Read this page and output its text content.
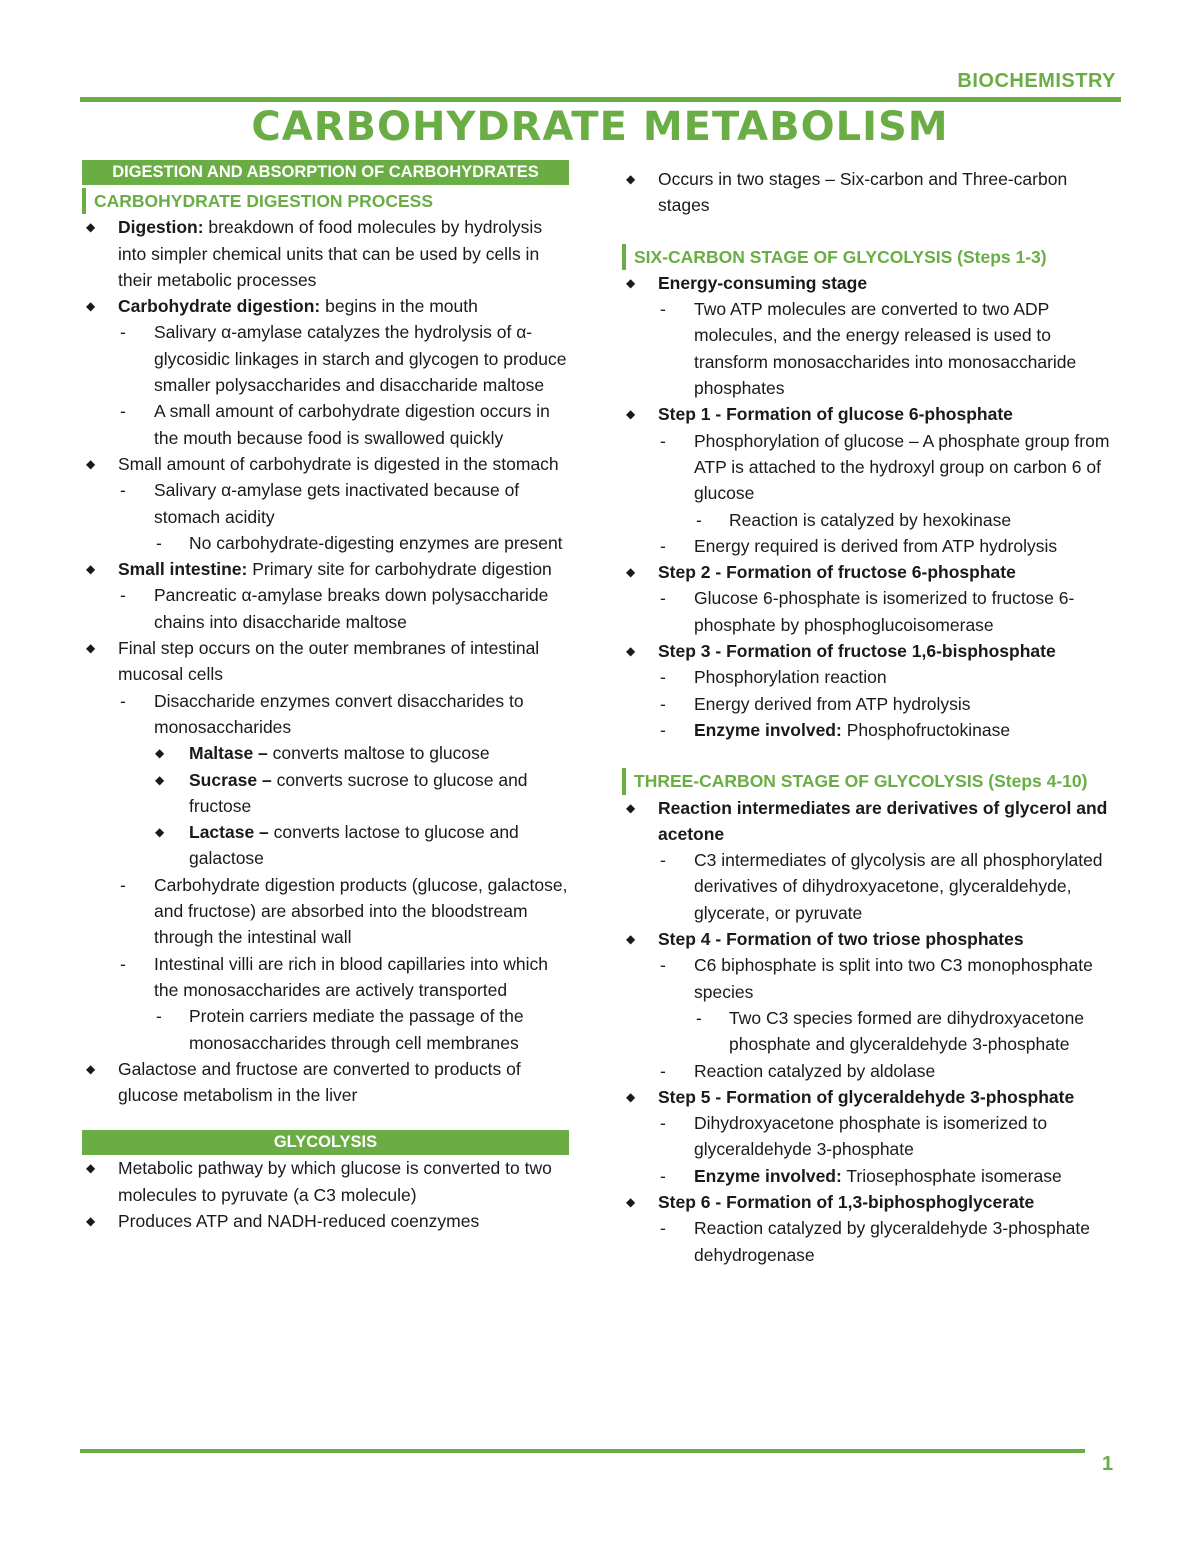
BIOCHEMISTRY
CARBOHYDRATE METABOLISM
DIGESTION AND ABSORPTION OF CARBOHYDRATES
CARBOHYDRATE DIGESTION PROCESS
◆ Digestion: breakdown of food molecules by hydrolysis into simpler chemical units that can be used by cells in their metabolic processes
◆ Carbohydrate digestion: begins in the mouth
- Salivary α-amylase catalyzes the hydrolysis of α-glycosidic linkages in starch and glycogen to produce smaller polysaccharides and disaccharide maltose
- A small amount of carbohydrate digestion occurs in the mouth because food is swallowed quickly
◆ Small amount of carbohydrate is digested in the stomach
- Salivary α-amylase gets inactivated because of stomach acidity
- No carbohydrate-digesting enzymes are present
◆ Small intestine: Primary site for carbohydrate digestion
- Pancreatic α-amylase breaks down polysaccharide chains into disaccharide maltose
◆ Final step occurs on the outer membranes of intestinal mucosal cells
- Disaccharide enzymes convert disaccharides to monosaccharides
◆ Maltase – converts maltose to glucose
◆ Sucrase – converts sucrose to glucose and fructose
◆ Lactase – converts lactose to glucose and galactose
- Carbohydrate digestion products (glucose, galactose, and fructose) are absorbed into the bloodstream through the intestinal wall
- Intestinal villi are rich in blood capillaries into which the monosaccharides are actively transported
- Protein carriers mediate the passage of the monosaccharides through cell membranes
◆ Galactose and fructose are converted to products of glucose metabolism in the liver
GLYCOLYSIS
◆ Metabolic pathway by which glucose is converted to two molecules to pyruvate (a C3 molecule)
◆ Produces ATP and NADH-reduced coenzymes
◆ Occurs in two stages – Six-carbon and Three-carbon stages
SIX-CARBON STAGE OF GLYCOLYSIS (Steps 1-3)
◆ Energy-consuming stage
- Two ATP molecules are converted to two ADP molecules, and the energy released is used to transform monosaccharides into monosaccharide phosphates
◆ Step 1 - Formation of glucose 6-phosphate
- Phosphorylation of glucose – A phosphate group from ATP is attached to the hydroxyl group on carbon 6 of glucose
- Reaction is catalyzed by hexokinase
- Energy required is derived from ATP hydrolysis
◆ Step 2 - Formation of fructose 6-phosphate
- Glucose 6-phosphate is isomerized to fructose 6-phosphate by phosphoglucoisomerase
◆ Step 3 - Formation of fructose 1,6-bisphosphate
- Phosphorylation reaction
- Energy derived from ATP hydrolysis
- Enzyme involved: Phosphofructokinase
THREE-CARBON STAGE OF GLYCOLYSIS (Steps 4-10)
◆ Reaction intermediates are derivatives of glycerol and acetone
- C3 intermediates of glycolysis are all phosphorylated derivatives of dihydroxyacetone, glyceraldehyde, glycerate, or pyruvate
◆ Step 4 - Formation of two triose phosphates
- C6 biphosphate is split into two C3 monophosphate species
- Two C3 species formed are dihydroxyacetone phosphate and glyceraldehyde 3-phosphate
- Reaction catalyzed by aldolase
◆ Step 5 - Formation of glyceraldehyde 3-phosphate
- Dihydroxyacetone phosphate is isomerized to glyceraldehyde 3-phosphate
- Enzyme involved: Triosephosphate isomerase
◆ Step 6 - Formation of 1,3-biphosphoglycerate
- Reaction catalyzed by glyceraldehyde 3-phosphate dehydrogenase
1
